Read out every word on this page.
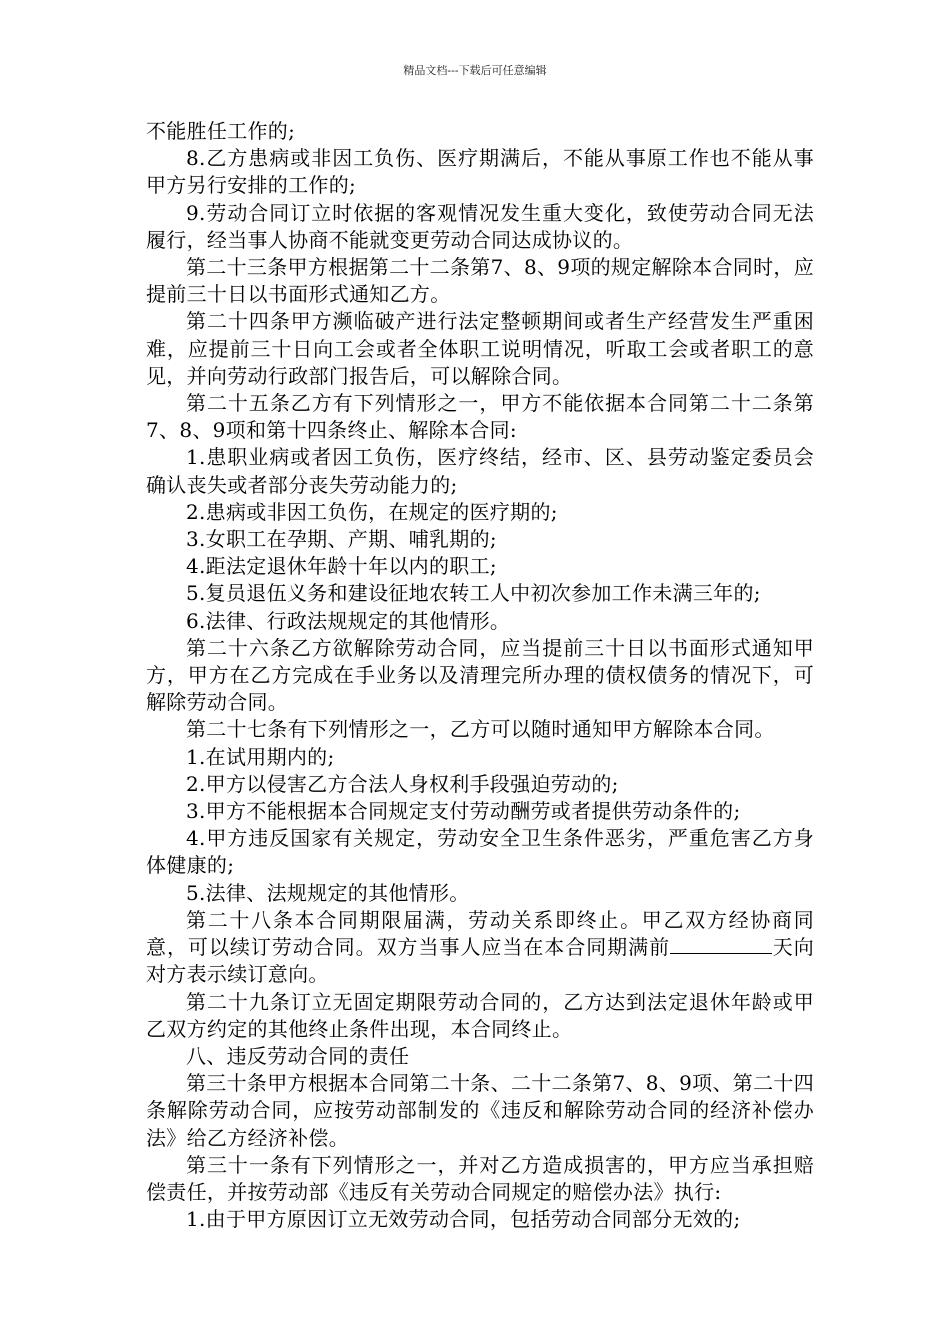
精品文档---下载后可任意编辑

不能胜任工作的;

8.乙方患病或非因工负伤、医疗期满后，不能从事原工作也不能从事甲方另行安排的工作的;

9.劳动合同订立时依据的客观情况发生重大变化，致使劳动合同无法履行，经当事人协商不能就变更劳动合同达成协议的。

第二十三条甲方根据第二十二条第7、8、9项的规定解除本合同时，应提前三十日以书面形式通知乙方。

第二十四条甲方濒临破产进行法定整顿期间或者生产经营发生严重困难，应提前三十日向工会或者全体职工说明情况，听取工会或者职工的意见，并向劳动行政部门报告后，可以解除合同。

第二十五条乙方有下列情形之一，甲方不能依据本合同第二十二条第7、8、9项和第十四条终止、解除本合同:

1.患职业病或者因工负伤，医疗终结，经市、区、县劳动鉴定委员会确认丧失或者部分丧失劳动能力的;

2.患病或非因工负伤，在规定的医疗期的;

3.女职工在孕期、产期、哺乳期的;

4.距法定退休年龄十年以内的职工;

5.复员退伍义务和建设征地农转工人中初次参加工作未满三年的;

6.法律、行政法规规定的其他情形。

第二十六条乙方欲解除劳动合同，应当提前三十日以书面形式通知甲方，甲方在乙方完成在手业务以及清理完所办理的债权债务的情况下，可解除劳动合同。

第二十七条有下列情形之一，乙方可以随时通知甲方解除本合同。

1.在试用期内的;

2.甲方以侵害乙方合法人身权利手段强迫劳动的;

3.甲方不能根据本合同规定支付劳动酬劳或者提供劳动条件的;

4.甲方违反国家有关规定，劳动安全卫生条件恶劣，严重危害乙方身体健康的;

5.法律、法规规定的其他情形。

第二十八条本合同期限届满，劳动关系即终止。甲乙双方经协商同意，可以续订劳动合同。双方当事人应当在本合同期满前	天向对方表示续订意向。

第二十九条订立无固定期限劳动合同的，乙方达到法定退休年龄或甲乙双方约定的其他终止条件出现，本合同终止。

八、违反劳动合同的责任

第三十条甲方根据本合同第二十条、二十二条第7、8、9项、第二十四条解除劳动合同，应按劳动部制发的《违反和解除劳动合同的经济补偿办法》给乙方经济补偿。

第三十一条有下列情形之一，并对乙方造成损害的，甲方应当承担赔偿责任，并按劳动部《违反有关劳动合同规定的赔偿办法》执行:

1.由于甲方原因订立无效劳动合同，包括劳动合同部分无效的;
